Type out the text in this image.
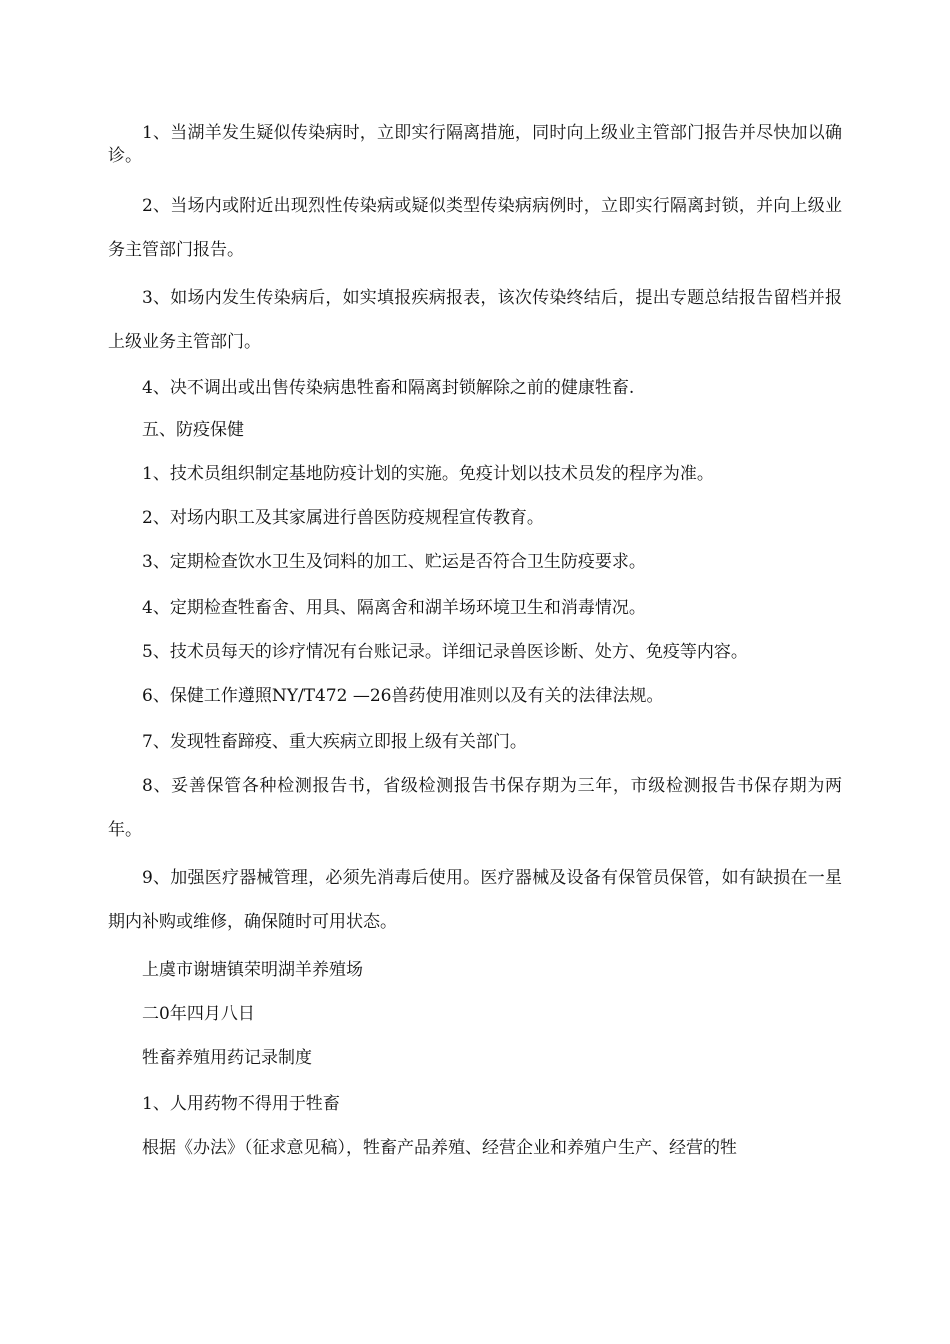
1、当湖羊发生疑似传染病时，立即实行隔离措施，同时向上级业主管部门报告并尽快加以确诊。

2、当场内或附近出现烈性传染病或疑似类型传染病病例时，立即实行隔离封锁，并向上级业务主管部门报告。

3、如场内发生传染病后，如实填报疾病报表，该次传染终结后，提出专题总结报告留档并报上级业务主管部门。

4、决不调出或出售传染病患牲畜和隔离封锁解除之前的健康牲畜.

五、防疫保健

1、技术员组织制定基地防疫计划的实施。免疫计划以技术员发的程序为准。

2、对场内职工及其家属进行兽医防疫规程宣传教育。

3、定期检查饮水卫生及饲料的加工、贮运是否符合卫生防疫要求。

4、定期检查牲畜舍、用具、隔离舍和湖羊场环境卫生和消毒情况。

5、技术员每天的诊疗情况有台账记录。详细记录兽医诊断、处方、免疫等内容。

6、保健工作遵照NY/T472 —26兽药使用准则以及有关的法律法规。

7、发现牲畜蹄疫、重大疾病立即报上级有关部门。

8、妥善保管各种检测报告书，省级检测报告书保存期为三年，市级检测报告书保存期为两年。

9、加强医疗器械管理，必须先消毒后使用。医疗器械及设备有保管员保管，如有缺损在一星期内补购或维修，确保随时可用状态。

上虞市谢塘镇荣明湖羊养殖场

二0年四月八日

牲畜养殖用药记录制度

1、人用药物不得用于牲畜

根据《办法》（征求意见稿），牲畜产品养殖、经营企业和养殖户生产、经营的牲
